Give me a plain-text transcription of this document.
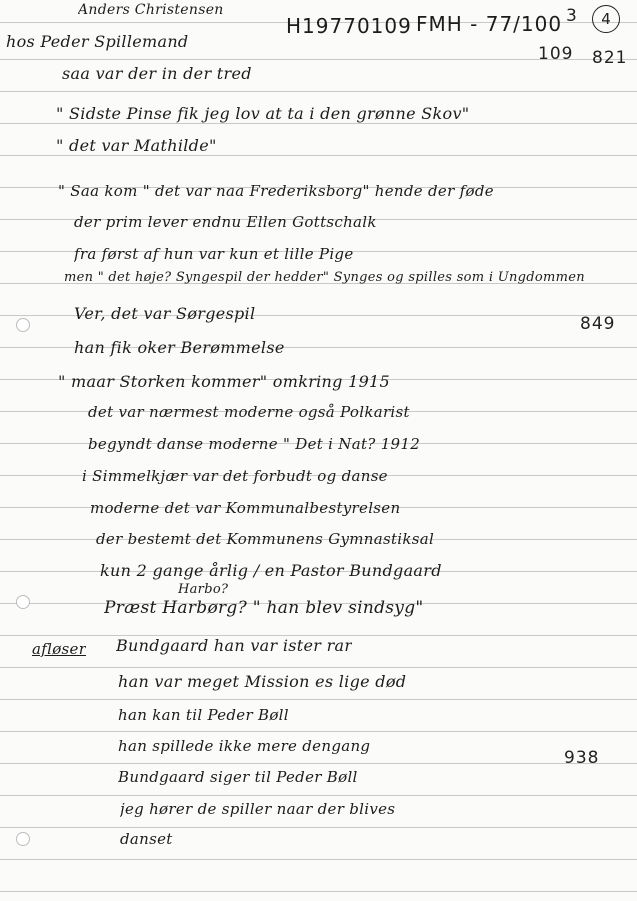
Anders Christensen
H19770109 FMH - 77/100 3	4
109 821
hos Peder Spillemand
saa var der in der tred
" Sidste Pinse fik jeg lov at ta i den grønne Skov"
" det var Mathilde"
" Saa kom " det var naa Frederiksborg" hende der føde
der prim lever endnu Ellen Gottschalk
fra først af hun var kun et lille Pige
men " det høje? Syngespil der hedder" Synges og spilles som i Ungdommen
Ver, det var Sørgespil
849
han fik oker Berømmelse
" maar Storken kommer" omkring 1915
det var nærmest moderne også Polkarist
begyndt danse moderne " Det i Nat? 1912
i Simmelkjær var det forbudt og danse
moderne det var Kommunalbestyrelsen
der bestemt det Kommunens Gymnastiksal
kun 2 gange årlig / en Pastor Bundgaard
Harbo?
Præst Harbørg? " han blev sindsyg"
afløser Bundgaard han var ister rar
han var meget Mission es lige død
han kan til Peder Bøll
han spillede ikke mere dengang
938
Bundgaard siger til Peder Bøll
jeg hører de spiller naar der blives
danset
